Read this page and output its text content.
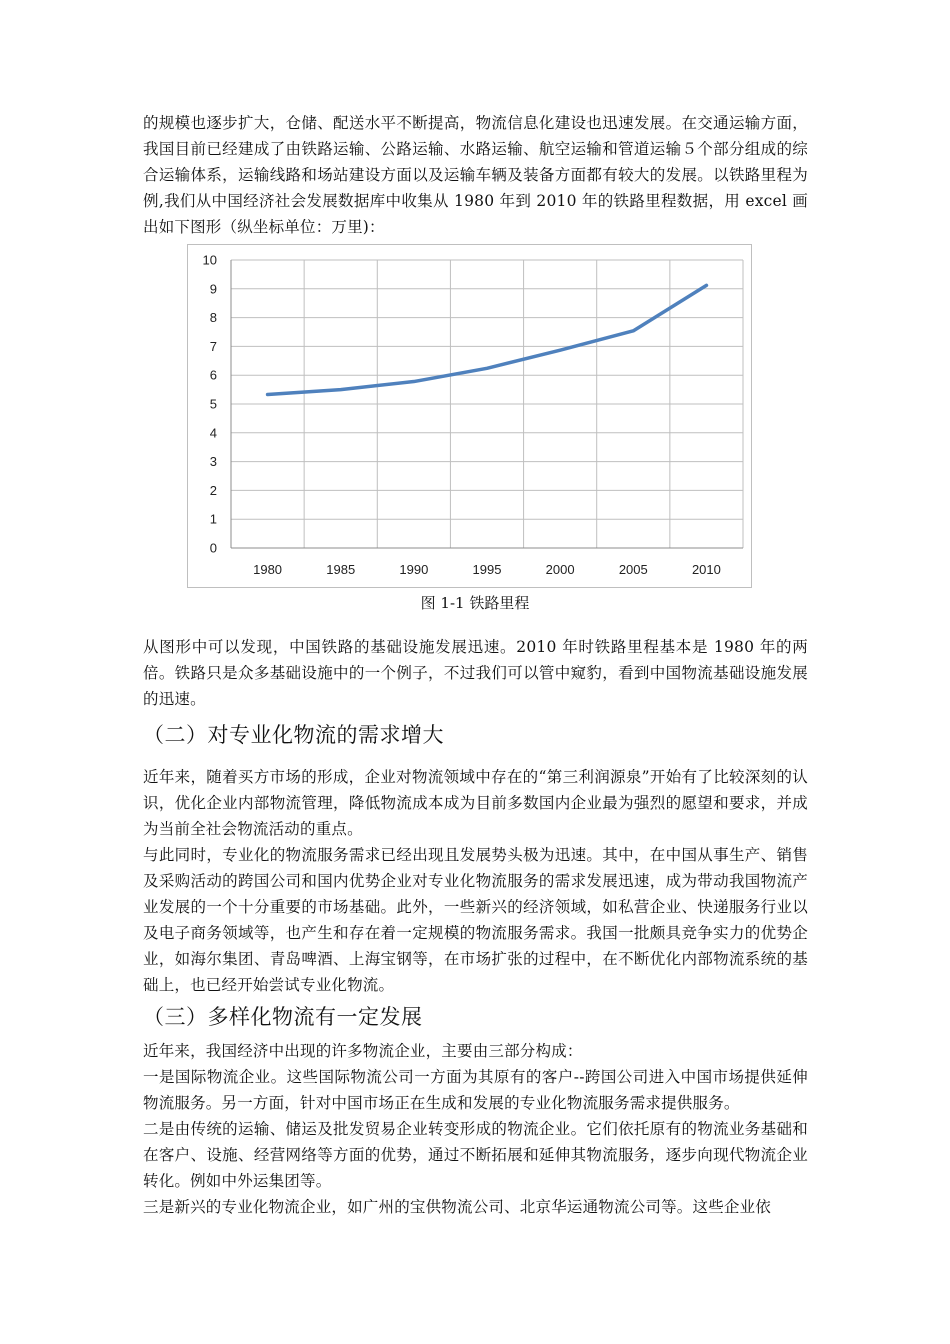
的规模也逐步扩大，仓储、配送水平不断提高，物流信息化建设也迅速发展。在交通运输方面，我国目前已经建成了由铁路运输、公路运输、水路运输、航空运输和管道运输５个部分组成的综合运输体系，运输线路和场站建设方面以及运输车辆及装备方面都有较大的发展。以铁路里程为例,我们从中国经济社会发展数据库中收集从 1980 年到 2010 年的铁路里程数据，用 excel 画出如下图形（纵坐标单位：万里)：

0
1
2
3
4
5
6
7
8
9
10
1980	1985	1990	1995	2000	2005	2010
图 1-1 铁路里程

从图形中可以发现，中国铁路的基础设施发展迅速。2010 年时铁路里程基本是 1980 年的两倍。铁路只是众多基础设施中的一个例子，不过我们可以管中窥豹，看到中国物流基础设施发展的迅速。

（二）对专业化物流的需求增大

近年来，随着买方市场的形成，企业对物流领域中存在的“第三利润源泉”开始有了比较深刻的认识，优化企业内部物流管理，降低物流成本成为目前多数国内企业最为强烈的愿望和要求，并成为当前全社会物流活动的重点。

与此同时，专业化的物流服务需求已经出现且发展势头极为迅速。其中，在中国从事生产、销售及采购活动的跨国公司和国内优势企业对专业化物流服务的需求发展迅速，成为带动我国物流产业发展的一个十分重要的市场基础。此外，一些新兴的经济领域，如私营企业、快递服务行业以及电子商务领域等，也产生和存在着一定规模的物流服务需求。我国一批颇具竞争实力的优势企业，如海尔集团、青岛啤酒、上海宝钢等，在市场扩张的过程中，在不断优化内部物流系统的基础上，也已经开始尝试专业化物流。

（三）多样化物流有一定发展

近年来，我国经济中出现的许多物流企业，主要由三部分构成：

一是国际物流企业。这些国际物流公司一方面为其原有的客户--跨国公司进入中国市场提供延伸物流服务。另一方面，针对中国市场正在生成和发展的专业化物流服务需求提供服务。

二是由传统的运输、储运及批发贸易企业转变形成的物流企业。它们依托原有的物流业务基础和在客户、设施、经营网络等方面的优势，通过不断拓展和延伸其物流服务，逐步向现代物流企业转化。例如中外运集团等。

三是新兴的专业化物流企业，如广州的宝供物流公司、北京华运通物流公司等。这些企业依
